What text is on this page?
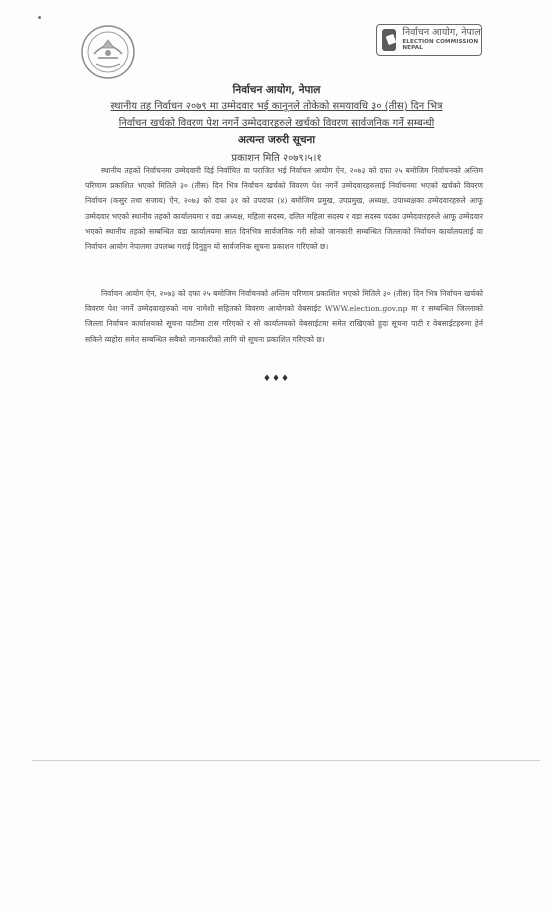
निर्वाचन आयोग, नेपाल
ELECTION COMMISSION NEPAL
निर्वाचन आयोग, नेपाल
स्थानीय तह निर्वाचन २०७९ मा उम्मेदवार भई कानूनले तोकेको समयावधि ३० (तीस) दिन भित्र
निर्वाचन खर्चको विवरण पेश नगर्ने उम्मेदवारहरुले खर्चको विवरण सार्वजनिक गर्ने सम्बन्धी
अत्यन्त जरुरी सूचना
प्रकाशन मिति २०७९।५।१
स्थानीय तहको निर्वाचनमा उम्मेदवारी दिई निर्वाचित वा पराजित भई निर्वाचन आयोग ऐन, २०७३ को दफा २५ बमोजिम निर्वाचनको अन्तिम परिणाम प्रकाशित भएको मितिले ३० (तीस) दिन भित्र निर्वाचन खर्चको विवरण पेश नगर्ने उम्मेदवारहरुलाई निर्वाचनमा भएको खर्चको विवरण निर्वाचन (कसुर तथा सजाय) ऐन, २०७३ को दफा ३१ को उपदफा (४) बमोजिम प्रमुख, उपप्रमुख, अध्यक्ष, उपाध्यक्षका उम्मेदवारहरुले आफू उम्मेदवार भएको स्थानीय तहको कार्यालयमा र वडा अध्यक्ष, महिला सदस्य, दलित महिला सदस्य र वडा सदस्य पदका उम्मेदवारहरुले आफू उम्मेदवार भएको स्थानीय तहको सम्बन्धित वडा कार्यालयमा सात दिनभित्र सार्वजनिक गरी सोको जानकारी सम्बन्धित जिल्लाको निर्वाचन कार्यालयलाई वा निर्वाचन आयोग नेपालमा उपलब्ध गराई दिनुहुन यो सार्वजनिक सूचना प्रकाशन गरिएको छ।
निर्वाचन आयोग ऐन, २०७३ को दफा २५ बमोजिम निर्वाचनको अन्तिम परिणाम प्रकाशित भएको मितिले ३० (तीस) दिन भित्र निर्वाचन खर्चको विवरण पेश नगर्ने उम्मेदवारहरुको नाम नामेशी सहितको विवरण आयोगको वेबसाईट WWW.election.gov.np मा र सम्बन्धित जिल्लाको जिल्ला निर्वाचन कार्यालयको सूचना पाटीमा टास गरिएको र सो कार्यालयको वेबसाईटमा समेत राखिएको हुदा सूचना पाटी र वेबसाईटहरुमा हेर्न सकिने व्यहोरा समेत सम्बन्धित सबैको जानकारीको लागि यो सूचना प्रकाशित गरिएको छ।
♦♦♦
